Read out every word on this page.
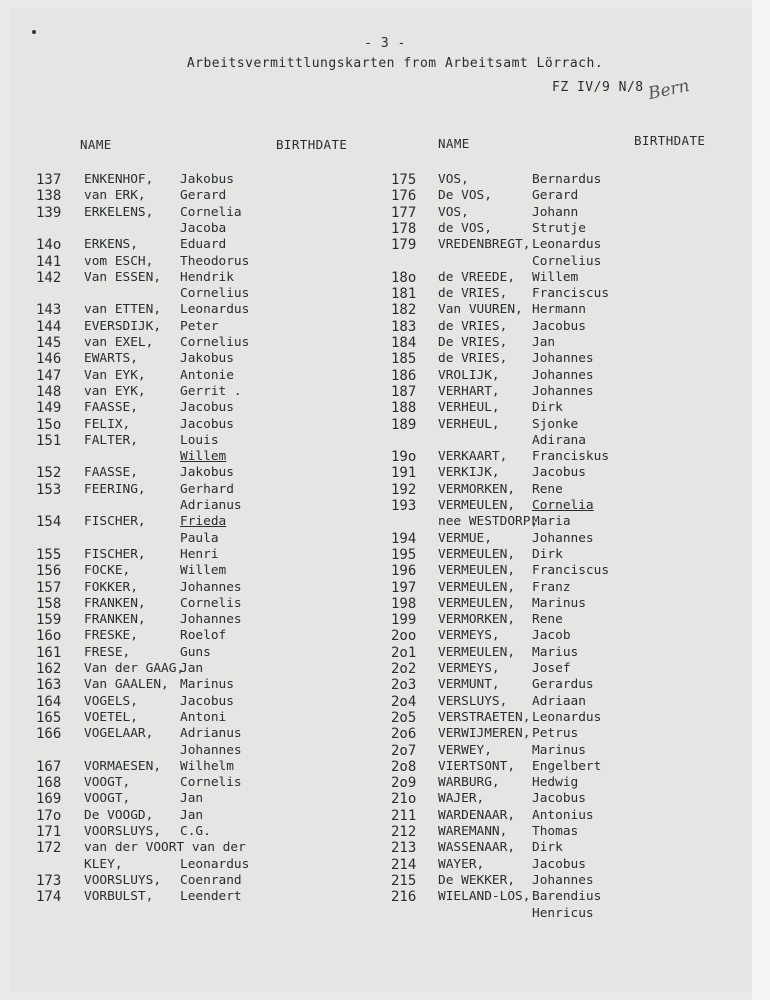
- 3 -
Arbeitsvermittlungskarten from Arbeitsamt Lörrach.
FZ IV/9 N/8 Bern
NAME	BIRTHDATE	NAME	BIRTHDATE
137 ENKENHOF, Jakobus
138 van ERK,	Gerard
139 ERKELENS, Cornelia
Jacoba
14o ERKENS,	Eduard
141 vom ESCH, Theodorus
142 Van ESSEN, Hendrik
Cornelius
143 van ETTEN, Leonardus
144 EVERSDIJK, Peter
145 van EXEL, Cornelius
146 EWARTS,	Jakobus
147 Van EYK,	Antonie
148 van EYK,	Gerrit .
149 FAASSE,	Jacobus
15o FELIX,	Jacobus
151 FALTER,	Louis
Willem
152 FAASSE,	Jakobus
153 FEERING,	Gerhard
Adrianus
154 FISCHER,	Frieda
Paula
155 FISCHER,	Henri
156 FOCKE,	Willem
157 FOKKER,	Johannes
158 FRANKEN,	Cornelis
159 FRANKEN,	Johannes
16o FRESKE,	Roelof
161 FRESE,	Guns
162 Van der GAAG,
Jan
163 Van GAALEN, Marinus
164 VOGELS,	Jacobus
165 VOETEL,	Antoni
166 VOGELAAR, Adrianus
Johannes
167 VORMAESEN, Wilhelm
168 VOOGT,	Cornelis
169 VOOGT,	Jan
17o De VOOGD, Jan
171 VOORSLUYS, C.G.
172 van der VOORT van der
KLEY,	Leonardus
173 VOORSLUYS, Coenrand
174 VORBULST, Leendert
175 VOS,	Bernardus
176 De VOS,	Gerard
177 VOS,	Johann
178 de VOS,	Strutje
179 VREDENBREGT, Leonardus
Cornelius
18o de VREEDE, Willem
181 de VRIES, Franciscus
182 Van VUUREN, Hermann
183 de VRIES, Jacobus
184 De VRIES, Jan
185 de VRIES, Johannes
186 VROLIJK,	Johannes
187 VERHART,	Johannes
188 VERHEUL,	Dirk
189 VERHEUL,	Sjonke
Adirana
19o VERKAART, Franciskus
191 VERKIJK,	Jacobus
192 VERMORKEN, Rene
193 VERMEULEN, Cornelia
nee WESTDORP,
Maria
194 VERMUE,	Johannes
195 VERMEULEN, Dirk
196 VERMEULEN, Franciscus
197 VERMEULEN, Franz
198 VERMEULEN, Marinus
199 VERMORKEN, Rene
2oo VERMEYS,	Jacob
2o1 VERMEULEN, Marius
2o2 VERMEYS,	Josef
2o3 VERMUNT,	Gerardus
2o4 VERSLUYS, Adriaan
2o5 VERSTRAETEN, Leonardus
2o6 VERWIJMEREN, Petrus
2o7 VERWEY,	Marinus
2o8 VIERTSONT, Engelbert
2o9 WARBURG,	Hedwig
21o WAJER,	Jacobus
211 WARDENAAR, Antonius
212 WAREMANN, Thomas
213 WASSENAAR, Dirk
214 WAYER,	Jacobus
215 De WEKKER, Johannes
216 WIELAND-LOS, Barendius
Henricus
